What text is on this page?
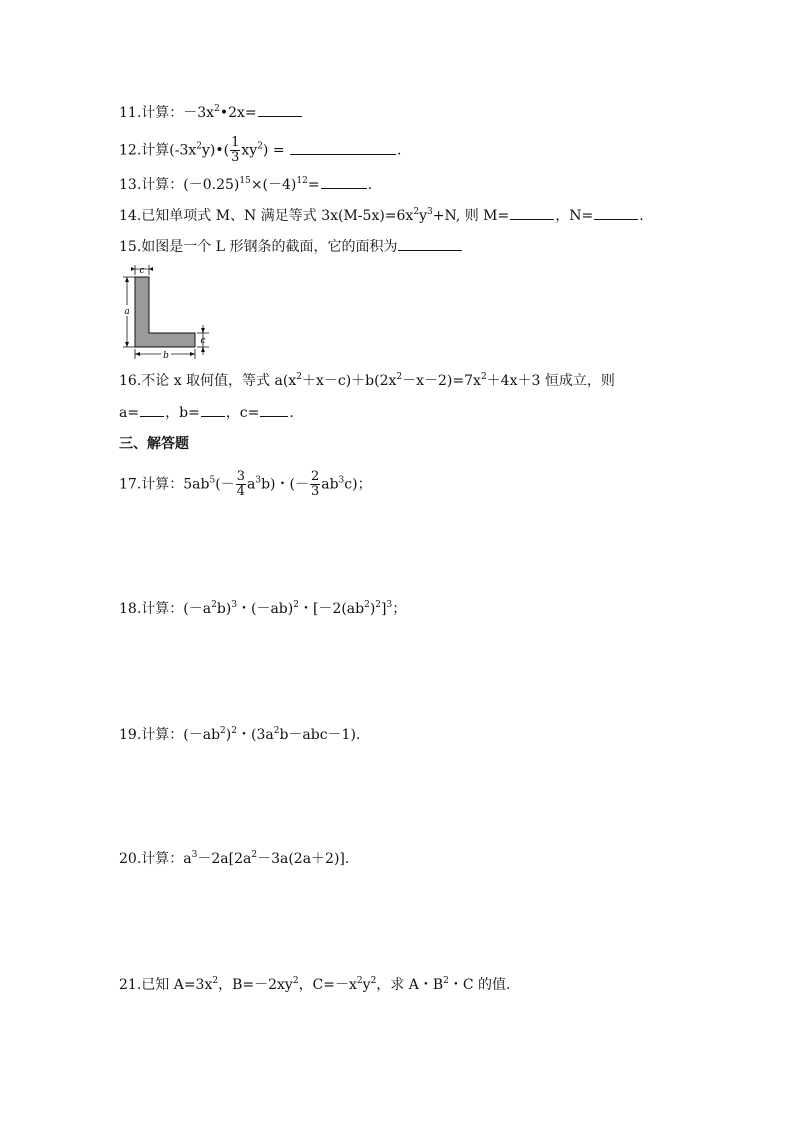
11.计算：$-3x^2•2x=$
12.计算$(-3x^2y)•( \frac{1}{3} xy^2)$ =	.
13.计算：$(-0.25)^{15}\times(-4)^{12}=$	.
14.已知单项式 M、N 满足等式 $3x(M-5x)=6x^2y^3+N$, 则 M=	，N=	.
15.如图是一个 L 形钢条的截面，它的面积为
c
a
b
c
16.不论 x 取何值，等式 $a(x^2+x-c)+b(2x^2-x-2)=7x^2+4x+3$ 恒成立，则
a= ，b= ，c= .
三、解答题
17.计算：$5ab^5(- \frac{3}{4} a^3b)$・(－ $\frac{2}{3} ab^3c$)；
18.计算：$(-a^2b)^3$・$(-ab)^2$・$[-2(ab^2)^2]^3$；
19.计算：$(-ab^2)^2$・$(3a^2b-abc-1)$.
20.计算：$a^3-2a[2a^2-3a(2a+2)]$.
21.已知 $A=3x^2$，$B=-2xy^2$，$C=-x^2y^2$，求 A・$B^2$・C 的值.
